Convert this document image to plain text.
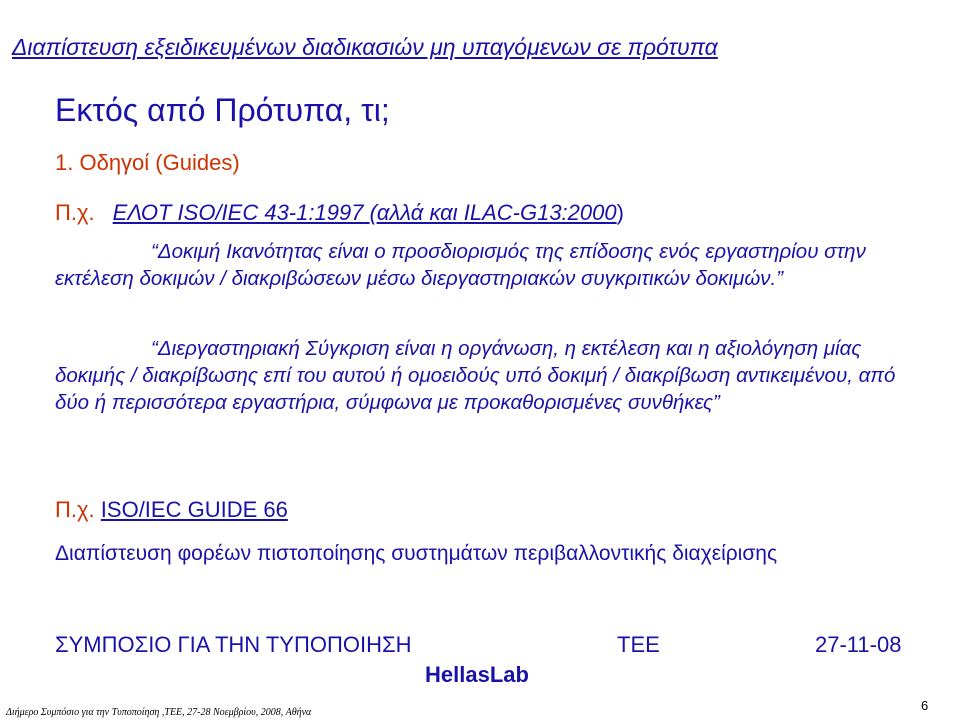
Διαπίστευση εξειδικευμένων διαδικασιών μη υπαγόμενων σε πρότυπα
Εκτός από Πρότυπα, τι;
1. Οδηγοί (Guides)
Π.χ. ΕΛΟΤ ISO/IEC 43-1:1997 (αλλά και ILAC-G13:2000)
“Δοκιμή Ικανότητας είναι ο προσδιορισμός της επίδοσης ενός εργαστηρίου στην εκτέλεση δοκιμών / διακριβώσεων μέσω διεργαστηριακών συγκριτικών δοκιμών.”
“Διεργαστηριακή Σύγκριση είναι η οργάνωση, η εκτέλεση και η αξιολόγηση μίας δοκιμής / διακρίβωσης επί του αυτού ή ομοειδούς υπό δοκιμή / διακρίβωση αντικειμένου, από δύο ή περισσότερα εργαστήρια, σύμφωνα με προκαθορισμένες συνθήκες”
Π.χ. ISO/IEC GUIDE 66
Διαπίστευση φορέων πιστοποίησης συστημάτων περιβαλλοντικής διαχείρισης
ΣΥΜΠΟΣΙΟ ΓΙΑ ΤΗΝ ΤΥΠΟΠΟΙΗΣΗ	ΤΕΕ	27-11-08
HellasLab
Διήμερο Συμπόσιο για την Τυποποίηση ,ΤΕΕ, 27-28 Νοεμβρίου, 2008, Αθήνα	6
